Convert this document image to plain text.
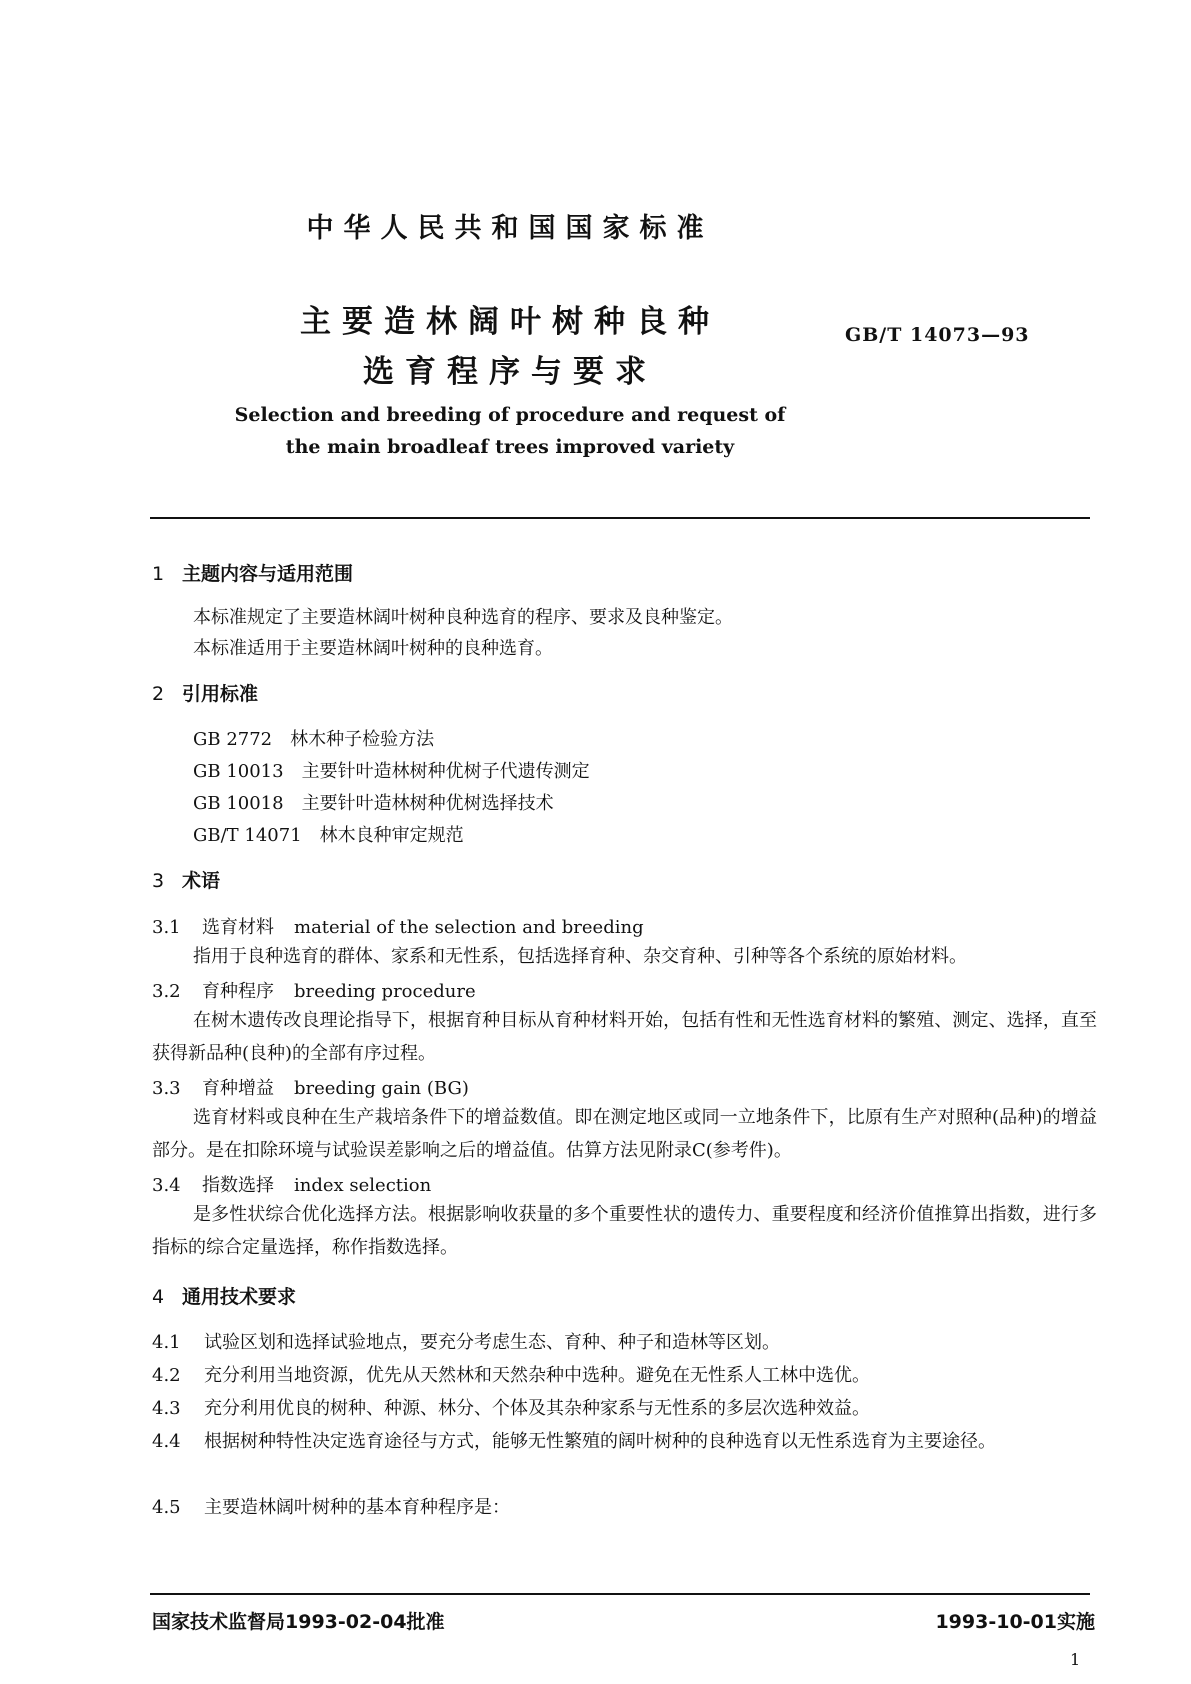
中华人民共和国国家标准
主要造林阔叶树种良种
选育程序与要求
GB/T 14073—93
Selection and breeding of procedure and request of
the main broadleaf trees improved variety
1 主题内容与适用范围
本标准规定了主要造林阔叶树种良种选育的程序、要求及良种鉴定。
本标准适用于主要造林阔叶树种的良种选育。
2 引用标准
GB 2772 林木种子检验方法
GB 10013 主要针叶造林树种优树子代遗传测定
GB 10018 主要针叶造林树种优树选择技术
GB/T 14071 林木良种审定规范
3 术语
3.1 选育材料 material of the selection and breeding
指用于良种选育的群体、家系和无性系，包括选择育种、杂交育种、引种等各个系统的原始材料。
3.2 育种程序 breeding procedure
在树木遗传改良理论指导下，根据育种目标从育种材料开始，包括有性和无性选育材料的繁殖、测定、选择，直至获得新品种(良种)的全部有序过程。
3.3 育种增益 breeding gain (BG)
选育材料或良种在生产栽培条件下的增益数值。即在测定地区或同一立地条件下，比原有生产对照种(品种)的增益部分。是在扣除环境与试验误差影响之后的增益值。估算方法见附录C(参考件)。
3.4 指数选择 index selection
是多性状综合优化选择方法。根据影响收获量的多个重要性状的遗传力、重要程度和经济价值推算出指数，进行多指标的综合定量选择，称作指数选择。
4 通用技术要求
4.1 试验区划和选择试验地点，要充分考虑生态、育种、种子和造林等区划。
4.2 充分利用当地资源，优先从天然林和天然杂种中选种。避免在无性系人工林中选优。
4.3 充分利用优良的树种、种源、林分、个体及其杂种家系与无性系的多层次选种效益。
4.4 根据树种特性决定选育途径与方式，能够无性繁殖的阔叶树种的良种选育以无性系选育为主要途径。
4.5 主要造林阔叶树种的基本育种程序是：
国家技术监督局1993-02-04批准	1993-10-01实施
1
